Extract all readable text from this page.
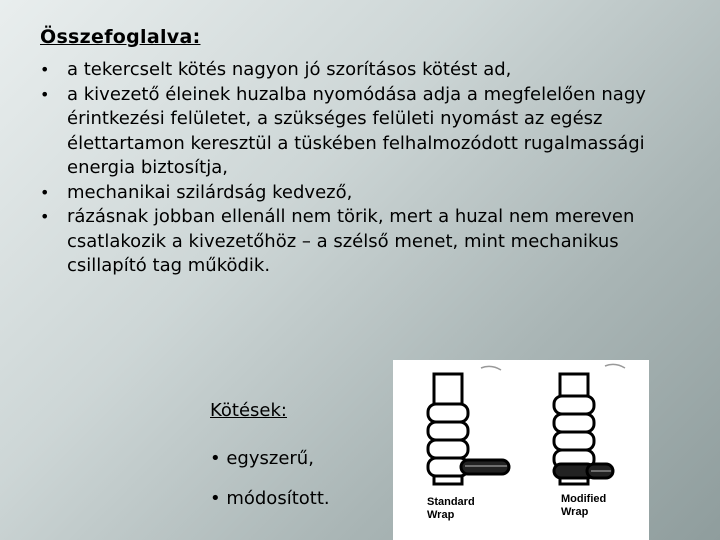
Összefoglalva:
• a tekercselt kötés nagyon jó szorításos kötést ad,
• a kivezető éleinek huzalba nyomódása adja a megfelelően nagy érintkezési felületet, a szükséges felületi nyomást az egész élettartamon keresztül a tüskében felhalmozódott rugalmassági energia biztosítja,
• mechanikai szilárdság kedvező,
• rázásnak jobban ellenáll nem törik, mert a huzal nem mereven csatlakozik a kivezetőhöz – a szélső menet, mint mechanikus csillapító tag működik.
Standard
Wrap
Modified
Wrap
Kötések:
• egyszerű,
• módosított.
